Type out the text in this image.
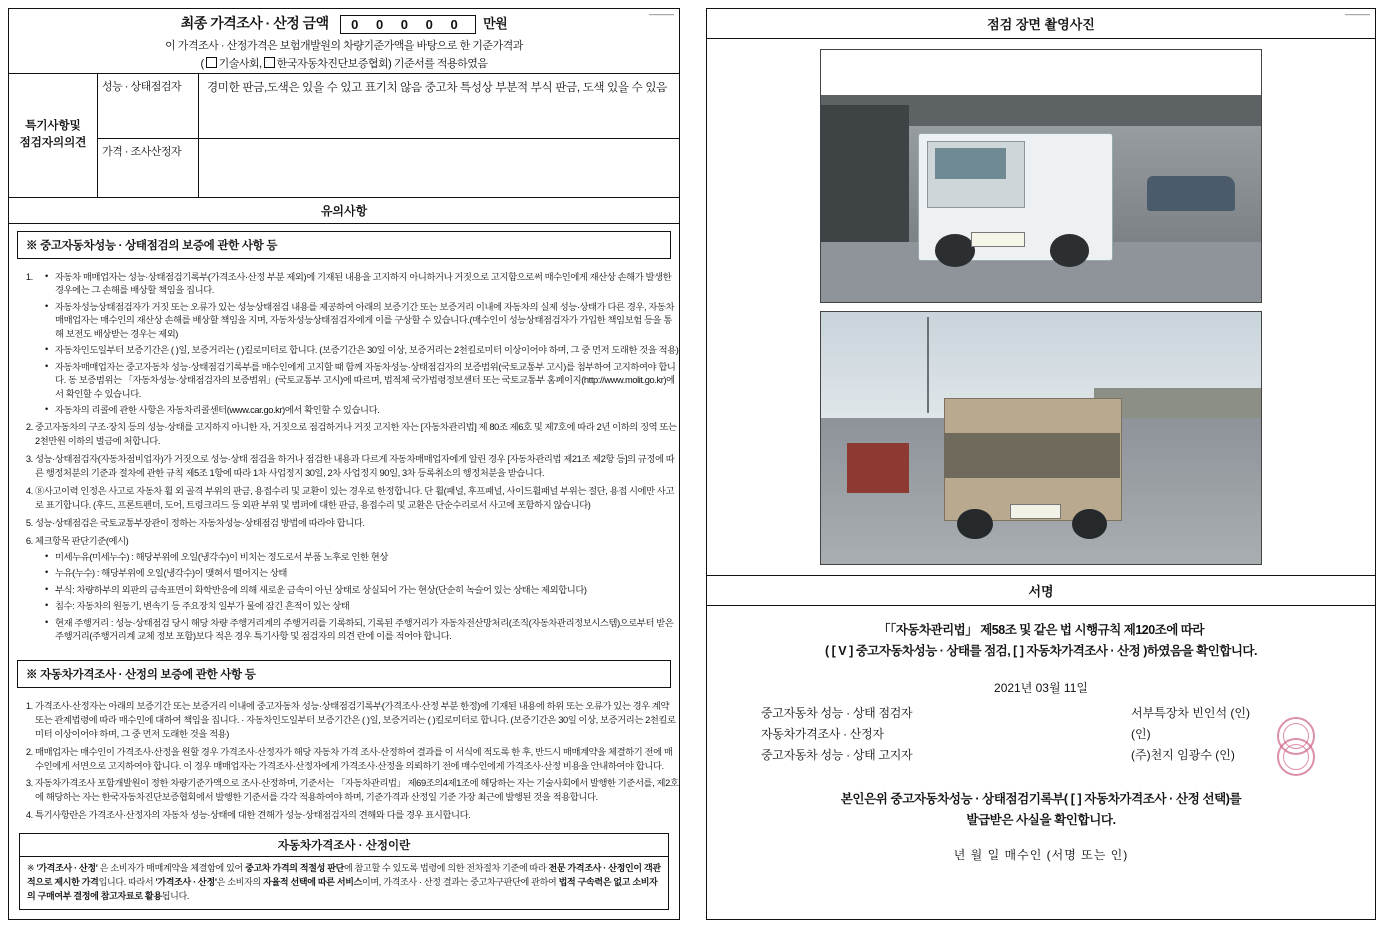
———
최종 가격조사 · 산정 금액 0 0 0 0 0 만원
이 가격조사 · 산정가격은 보험개발원의 차량기준가액을 바탕으로 한 기준가격과
( 기술사회, 한국자동차진단보증협회) 기준서를 적용하였음
특기사항및
점검자의의견
성능 · 상태점검자	경미한 판금,도색은 있을 수 있고 표기치 않음 중고차 특성상 부분적 부식 판금, 도색 있을 수 있음
가격 · 조사산정자
유의사항
※ 중고자동차성능 · 상태점검의 보증에 관한 사항 등
• 1. 자동차 매매업자는 성능·상태점검기록부(가격조사·산정 부분 제외)에 기재된 내용을 고지하지 아니하거나 거짓으로 고지함으로써 매수인에게 재산상 손해가 발생한 경우에는 그 손해를 배상할 책임을 집니다.
• 자동차성능상태점검자가 거짓 또는 오류가 있는 성능상태점검 내용를 제공하여 아래의 보증기간 또는 보증거리 이내에 자동차의 실제 성능·상태가 다른 경우, 자동차매매업자는 매수인의 재산상 손해를 배상할 책임을 지며, 자동차성능상태점검자에게 이를 구상할 수 있습니다.(매수인이 성능상태점검자가 가입한 책임보험 등을 통해 보전도 배상받는 경우는 제외)
• 자동차인도일부터 보증기간은 ( )일, 보증거리는 ( )킬로미터로 합니다. (보증기간은 30일 이상, 보증거리는 2천킬로미터 이상이어야 하며, 그 중 먼저 도래한 것을 적용)
• 자동차매매업자는 중고자동차 성능·상태점검기록부를 매수인에게 고지할 때 함께 자동차성능·상태점검자의 보증범위(국토교통부 고시)를 첨부하여 고지하여야 합니다. 동 보증범위는 「자동차성능·상태점검자의 보증범위」(국토교통부 고시)에 따르며, 법적체 국가법령정보센터 또는 국토교통부 홈페이지(http://www.molit.go.kr)에서 확인할 수 있습니다.
• 자동차의 리콜에 관한 사항은 자동차리콜센터(www.car.go.kr)에서 확인할 수 있습니다.
2. 중고자동차의 구조·장치 등의 성능·상태를 고지하지 아니한 자, 거짓으로 점검하거나 거짓 고지한 자는 [자동차관리법] 제 80조 제6호 및 제7호에 따라 2년 이하의 징역 또는 2천만원 이하의 벌금에 처합니다.
3. 성능·상태점검자(자동차점비업자)가 거짓으로 성능·상태 점검을 하거나 점검한 내용과 다르게 자동차매매업자에게 알린 경우 [자동차관리법 제21조 제2항 등]의 규정에 따른 행정처분의 기준과 절차에 관한 규칙 제5조 1항에 따라 1차 사업정지 30일, 2차 사업정지 90일, 3차 등록취소의 행정처분을 받습니다.
4. ⑧사고이력 인정은 사고로 자동차 휠 외 골격 부위의 판금, 용접수리 및 교환이 있는 경우로 한정합니다. 단 휠(패널, 후프패널, 사이드휠패널 부위는 절단, 용접 시에만 사고로 표기합니다. (후드, 프론트펜더, 도어, 트렁크리드 등 외판 부위 및 범퍼에 대한 판금, 용접수리 및 교환은 단순수리로서 사고에 포함하지 않습니다)
5. 성능·상태점검은 국토교통부장관이 정하는 자동차성능·상태점검 방법에 따라야 합니다.
6. 체크항목 판단기준(예시)
• 미세누유(미세누수) : 해당부위에 오일(냉각수)이 비치는 정도로서 부품 노후로 인한 현상
• 누유(누수) : 해당부위에 오일(냉각수)이 맺혀서 떨어지는 상태
• 부식: 차량하부의 외판의 금속표면이 화학반응에 의해 새로운 금속이 아닌 상태로 상실되어 가는 현상(단순히 녹슬어 있는 상태는 제외합니다)
• 침수: 자동차의 원동기, 변속기 등 주요장치 일부가 물에 잠긴 흔적이 있는 상태
• 현재 주행거리 : 성능·상태점검 당시 해당 차량 주행거리계의 주행거리를 기록하되, 기록된 주행거리가 자동차전산망처리(조직(자동차관리정보시스템)으로부터 받은 주행거리(주행거리계 교체 정보 포함)보다 적은 경우 특기사항 및 점검자의 의견 란에 이를 적어야 합니다.
※ 자동차가격조사 · 산정의 보증에 관한 사항 등
1. 가격조사·산정자는 아래의 보증기간 또는 보증거리 이내에 중고자동차 성능·상태점검기록부(가격조사·산정 부분 한정)에 기재된 내용에 하위 또는 오류가 있는 경우 계약 또는 관계법령에 따라 매수인에 대하여 책임을 집니다. · 자동차인도일부터 보증기간은 ( )일, 보증거리는 ( )킬로미터로 합니다. (보증기간은 30일 이상, 보증거리는 2천킬로미터 이상이어야 하며, 그 중 먼저 도래한 것을 적용)
2. 매매업자는 매수인이 가격조사·산정을 원할 경우 가격조사·산정자가 해당 자동차 가격 조사·산정하여 결과를 이 서식에 적도록 한 후, 반드시 매매계약을 체결하기 전에 매수인에게 서면으로 고지하여야 합니다. 이 경우 매매업자는 가격조사·산정자에게 가격조사·산정을 의뢰하기 전에 매수인에게 가격조사·산정 비용을 안내하여야 합니다.
3. 자동차가격조사 포함개발원이 정한 차량기준가액으로 조사·산정하며, 기준서는 「자동차관리법」 제69조의4제1조에 해당하는 자는 기술사회에서 발행한 기준서를, 제2호에 해당하는 자는 한국자동차진단보증협회에서 발행한 기준서를 각각 적용하여야 하며, 기준가격과 산정일 기준 가장 최근에 발행된 것을 적용합니다.
4. 특기사항란은 가격조사·산정자의 자동차 성능·상태에 대한 견해가 성능·상태점검자의 견해와 다를 경우 표시합니다.
자동차가격조사 · 산정이란
※ '가격조사 · 산정' 은 소비자가 매매계약을 체결함에 있어 중고차 가격의 적절성 판단에 참고할 수 있도록 법령에 의한 전차절차 기준에 따라 전문 가격조사 · 산정인이 객관적으로 제시한 가격입니다. 따라서 '가격조사 · 산정'은 소비자의 자율적 선택에 따른 서비스이며, 가격조사 · 산정 결과는 중고차구판단에 관하여 법적 구속력은 없고 소비자의 구매여부 결정에 참고자료로 활용됩니다.
———
점검 장면 촬영사진
서명
「「자동차관리법」 제58조 및 같은 법 시행규칙 제120조에 따라
( [ V ] 중고자동차성능 · 상태를 점검, [ ] 자동차가격조사 · 산정 )하였음을 확인합니다.
2021년 03월 11일
중고자동차 성능 · 상태 점검자	서부특장차 빈인석 (인)
자동차가격조사 · 산정자	(인)
중고자동차 성능 · 상태 고지자	(주)천지 임광수 (인)
본인은위 중고자동차성능 · 상태점검기록부( [ ] 자동차가격조사 · 산정 선택)를
발급받은 사실을 확인합니다.
년 월 일 매수인 (서명 또는 인)
